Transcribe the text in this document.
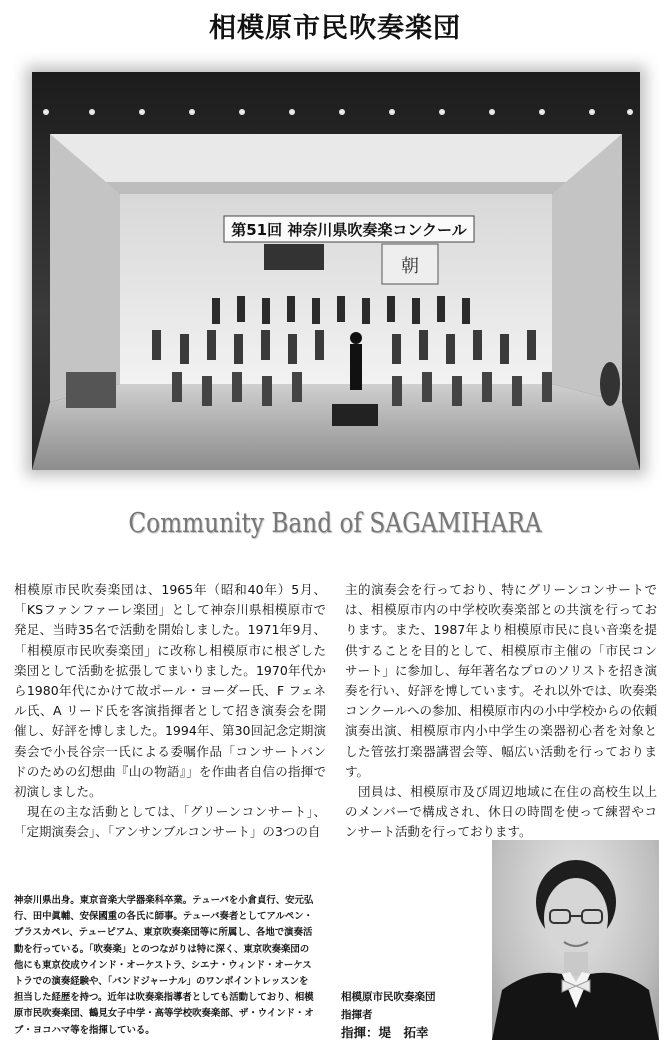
相模原市民吹奏楽団
第51回 神奈川県吹奏楽コンクール
朝
Community Band of SAGAMIHARA

相模原市民吹奏楽団は、1965年（昭和40年）5月、「KSファンファーレ楽団」として神奈川県相模原市で発足、当時35名で活動を開始しました。1971年9月、「相模原市民吹奏楽団」に改称し相模原市に根ざした楽団として活動を拡張してまいりました。1970年代から1980年代にかけて故ポール・ヨーダー氏、F フェネル氏、A リード氏を客演指揮者として招き演奏会を開催し、好評を博しました。1994年、第30回記念定期演奏会で小長谷宗一氏による委嘱作品「コンサートバンドのための幻想曲『山の物語』」を作曲者自信の指揮で初演しました。

　現在の主な活動としては、「グリーンコンサート」、「定期演奏会」、「アンサンブルコンサート」の3つの自

主的演奏会を行っており、特にグリーンコンサートでは、相模原市内の中学校吹奏楽部との共演を行っております。また、1987年より相模原市民に良い音楽を提供することを目的として、相模原市主催の「市民コンサート」に参加し、毎年著名なプロのソリストを招き演奏を行い、好評を博しています。それ以外では、吹奏楽コンクールへの参加、相模原市内の小中学校からの依頼演奏出演、相模原市内小中学生の楽器初心者を対象とした管弦打楽器講習会等、幅広い活動を行っております。

　団員は、相模原市及び周辺地域に在住の高校生以上のメンバーで構成され、休日の時間を使って練習やコンサート活動を行っております。

神奈川県出身。東京音楽大学器楽科卒業。テューバを小倉貞行、安元弘行、田中眞輔、安保國重の各氏に師事。テューバ奏者としてアルペン・ブラスカペレ、テューピアム、東京吹奏楽団等に所属し、各地で演奏活動を行っている。「吹奏楽」とのつながりは特に深く、東京吹奏楽団の他にも東京佼成ウインド・オーケストラ、シエナ・ウィンド・オーケストラでの演奏経験や、「バンドジャーナル」のワンポイントレッスンを担当した経歴を持つ。近年は吹奏楽指導者としても活動しており、相模原市民吹奏楽団、鶴見女子中学・高等学校吹奏楽部、ザ・ウインド・オブ・ヨコハマ等を指揮している。
相模原市民吹奏楽団
指揮者
指揮：堤　拓幸
